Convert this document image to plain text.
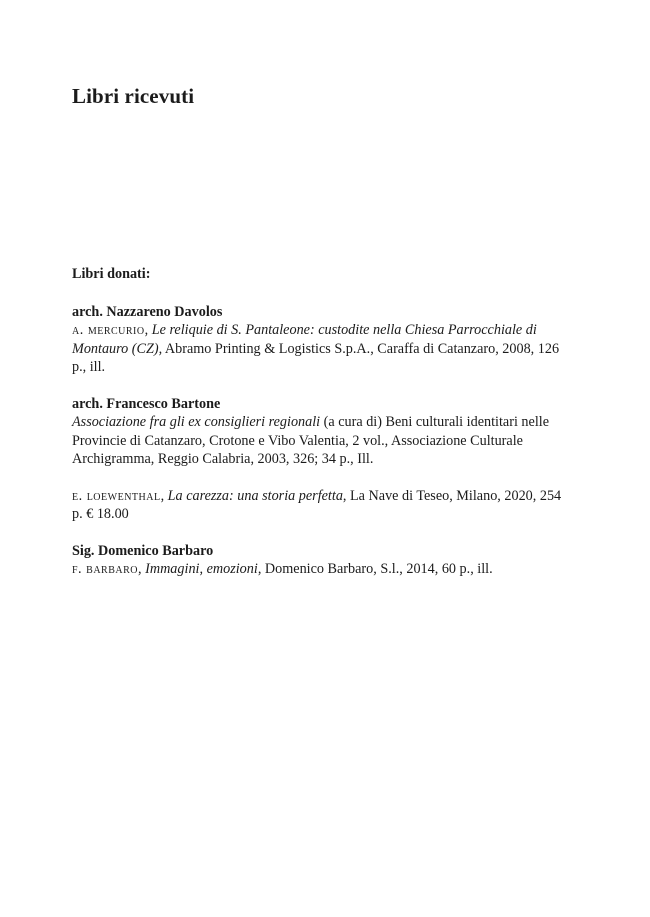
Libri ricevuti

Libri donati:

arch. Nazzareno Davolos

a. mercurio, Le reliquie di S. Pantaleone: custodite nella Chiesa Parrocchiale di Montauro (CZ), Abramo Printing & Logistics S.p.A., Caraffa di Catanzaro, 2008, 126 p., ill.

arch. Francesco Bartone

Associazione fra gli ex consiglieri regionali (a cura di) Beni culturali identitari nelle Provincie di Catanzaro, Crotone e Vibo Valentia, 2 vol., Associazione Culturale Archigramma, Reggio Calabria, 2003, 326; 34 p., Ill.

e. loewenthal, La carezza: una storia perfetta, La Nave di Teseo, Milano, 2020, 254 p. € 18.00

Sig. Domenico Barbaro

f. barbaro, Immagini, emozioni, Domenico Barbaro, S.l., 2014, 60 p., ill.
